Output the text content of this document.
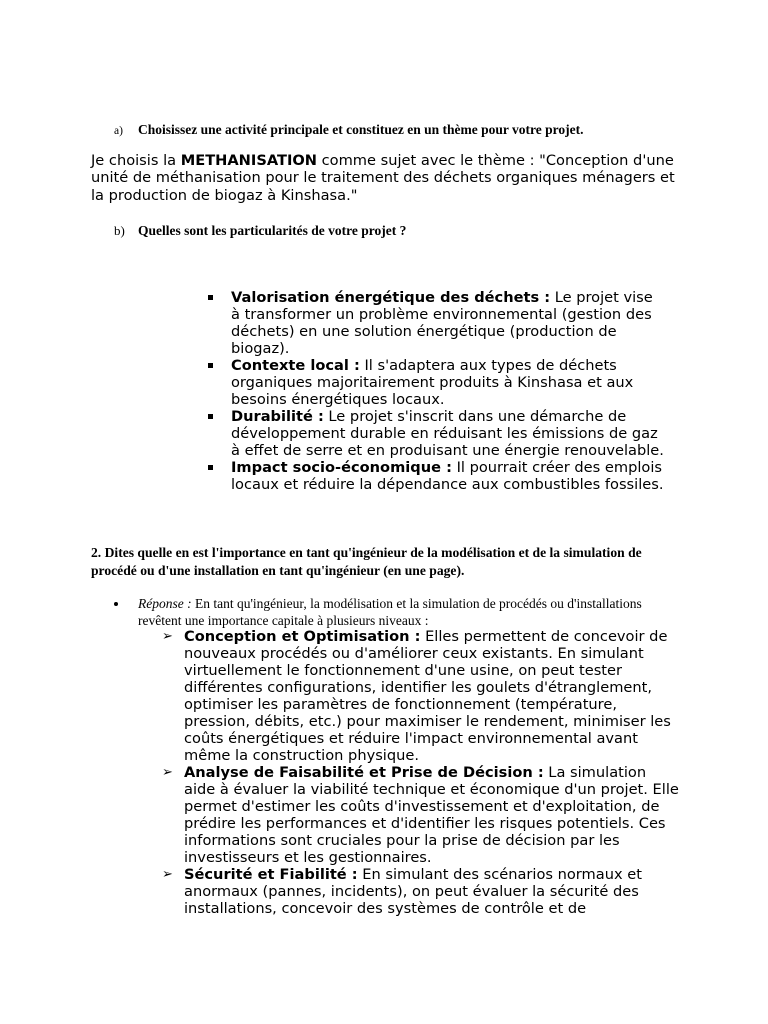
a) Choisissez une activité principale et constituez en un thème pour votre projet.
Je choisis la METHANISATION comme sujet avec le thème : "Conception d'une unité de méthanisation pour le traitement des déchets organiques ménagers et la production de biogaz à Kinshasa."
b) Quelles sont les particularités de votre projet ?
Valorisation énergétique des déchets : Le projet vise à transformer un problème environnemental (gestion des déchets) en une solution énergétique (production de biogaz).
Contexte local : Il s'adaptera aux types de déchets organiques majoritairement produits à Kinshasa et aux besoins énergétiques locaux.
Durabilité : Le projet s'inscrit dans une démarche de développement durable en réduisant les émissions de gaz à effet de serre et en produisant une énergie renouvelable.
Impact socio-économique : Il pourrait créer des emplois locaux et réduire la dépendance aux combustibles fossiles.
2. Dites quelle en est l'importance en tant qu'ingénieur de la modélisation et de la simulation de procédé ou d'une installation en tant qu'ingénieur (en une page).
Réponse : En tant qu'ingénieur, la modélisation et la simulation de procédés ou d'installations revêtent une importance capitale à plusieurs niveaux :
➢ Conception et Optimisation : Elles permettent de concevoir de nouveaux procédés ou d'améliorer ceux existants. En simulant virtuellement le fonctionnement d'une usine, on peut tester différentes configurations, identifier les goulets d'étranglement, optimiser les paramètres de fonctionnement (température, pression, débits, etc.) pour maximiser le rendement, minimiser les coûts énergétiques et réduire l'impact environnemental avant même la construction physique.
➢ Analyse de Faisabilité et Prise de Décision : La simulation aide à évaluer la viabilité technique et économique d'un projet. Elle permet d'estimer les coûts d'investissement et d'exploitation, de prédire les performances et d'identifier les risques potentiels. Ces informations sont cruciales pour la prise de décision par les investisseurs et les gestionnaires.
➢ Sécurité et Fiabilité : En simulant des scénarios normaux et anormaux (pannes, incidents), on peut évaluer la sécurité des installations, concevoir des systèmes de contrôle et de
